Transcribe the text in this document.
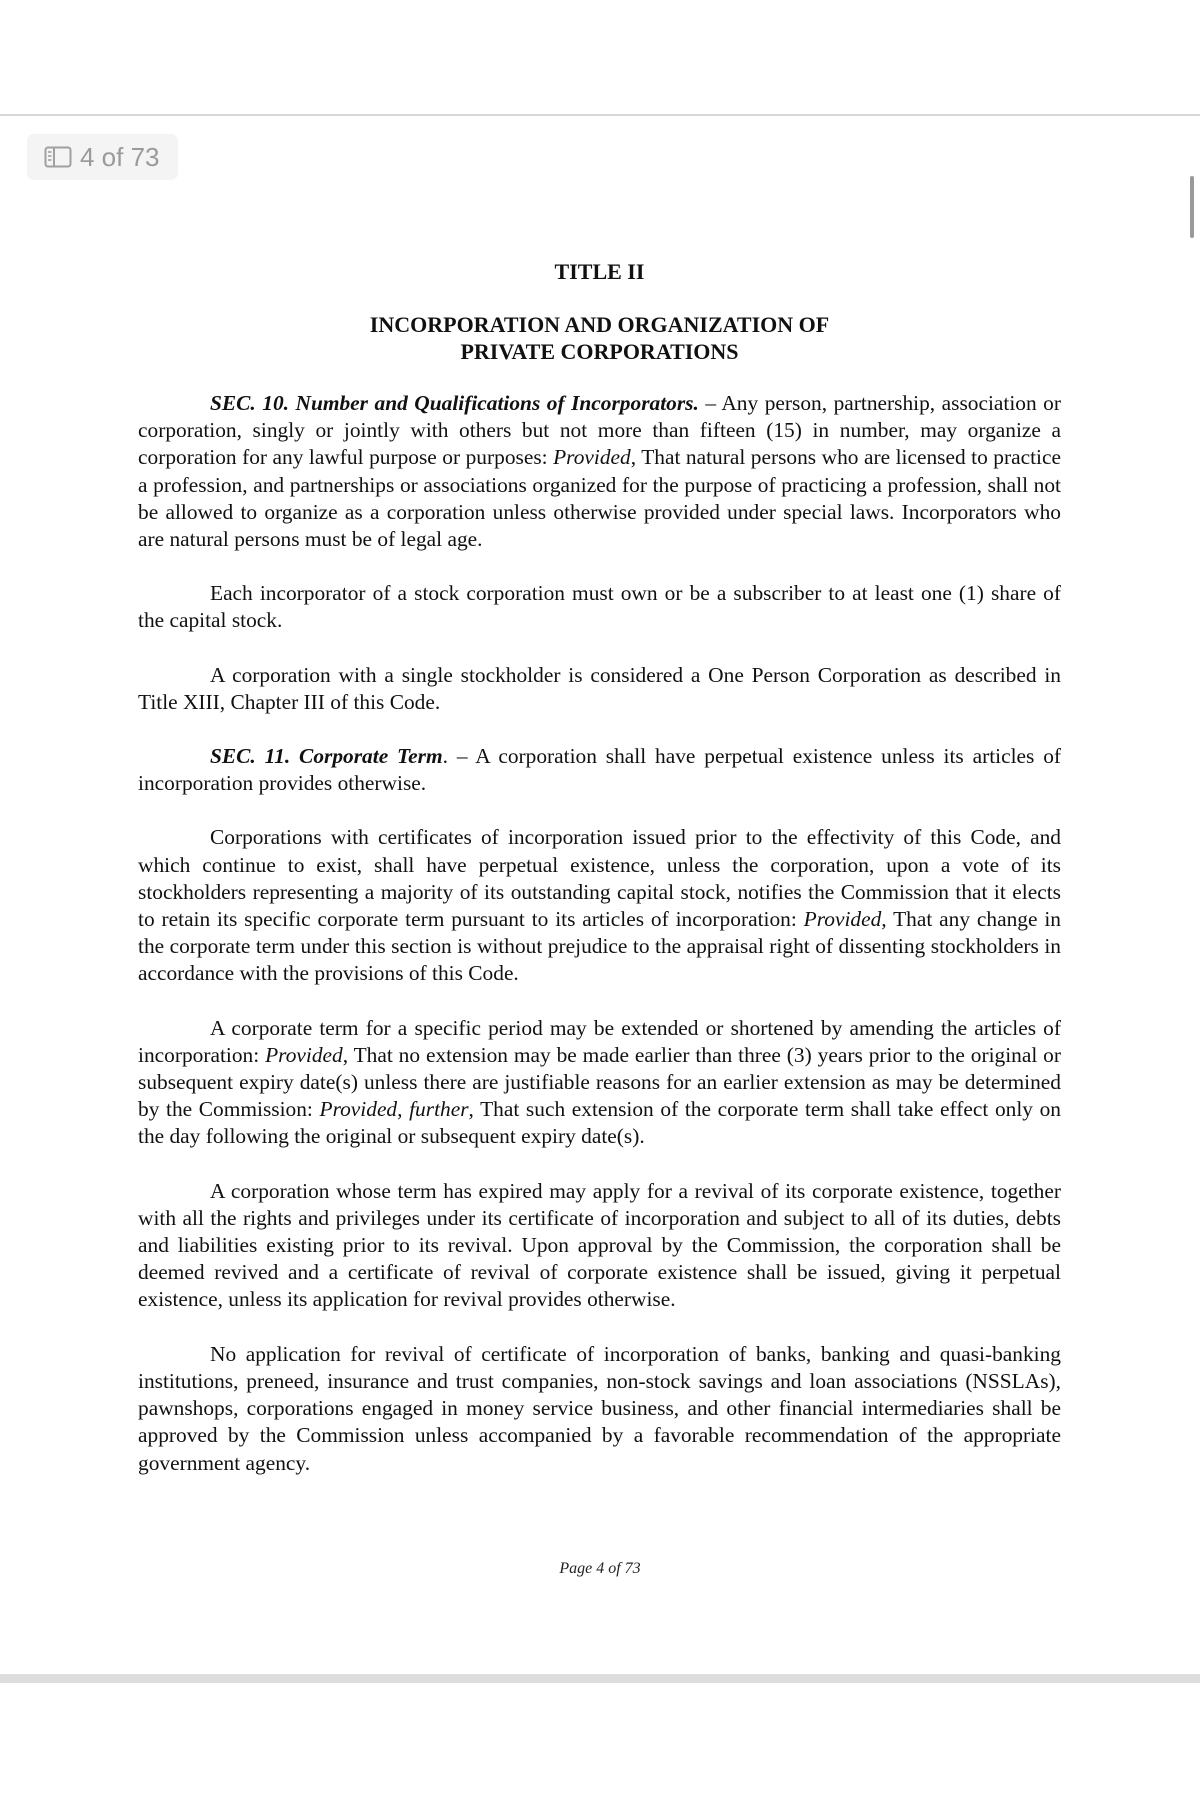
4 of 73

TITLE II

INCORPORATION AND ORGANIZATION OF
PRIVATE CORPORATIONS

SEC. 10. Number and Qualifications of Incorporators. – Any person, partnership, association or corporation, singly or jointly with others but not more than fifteen (15) in number, may organize a corporation for any lawful purpose or purposes: Provided, That natural persons who are licensed to practice a profession, and partnerships or associations organized for the purpose of practicing a profession, shall not be allowed to organize as a corporation unless otherwise provided under special laws. Incorporators who are natural persons must be of legal age.

Each incorporator of a stock corporation must own or be a subscriber to at least one (1) share of the capital stock.

A corporation with a single stockholder is considered a One Person Corporation as described in Title XIII, Chapter III of this Code.

SEC. 11. Corporate Term. – A corporation shall have perpetual existence unless its articles of incorporation provides otherwise.

Corporations with certificates of incorporation issued prior to the effectivity of this Code, and which continue to exist, shall have perpetual existence, unless the corporation, upon a vote of its stockholders representing a majority of its outstanding capital stock, notifies the Commission that it elects to retain its specific corporate term pursuant to its articles of incorporation: Provided, That any change in the corporate term under this section is without prejudice to the appraisal right of dissenting stockholders in accordance with the provisions of this Code.

A corporate term for a specific period may be extended or shortened by amending the articles of incorporation: Provided, That no extension may be made earlier than three (3) years prior to the original or subsequent expiry date(s) unless there are justifiable reasons for an earlier extension as may be determined by the Commission: Provided, further, That such extension of the corporate term shall take effect only on the day following the original or subsequent expiry date(s).

A corporation whose term has expired may apply for a revival of its corporate existence, together with all the rights and privileges under its certificate of incorporation and subject to all of its duties, debts and liabilities existing prior to its revival. Upon approval by the Commission, the corporation shall be deemed revived and a certificate of revival of corporate existence shall be issued, giving it perpetual existence, unless its application for revival provides otherwise.

No application for revival of certificate of incorporation of banks, banking and quasi-banking institutions, preneed, insurance and trust companies, non-stock savings and loan associations (NSSLAs), pawnshops, corporations engaged in money service business, and other financial intermediaries shall be approved by the Commission unless accompanied by a favorable recommendation of the appropriate government agency.

Page 4 of 73
